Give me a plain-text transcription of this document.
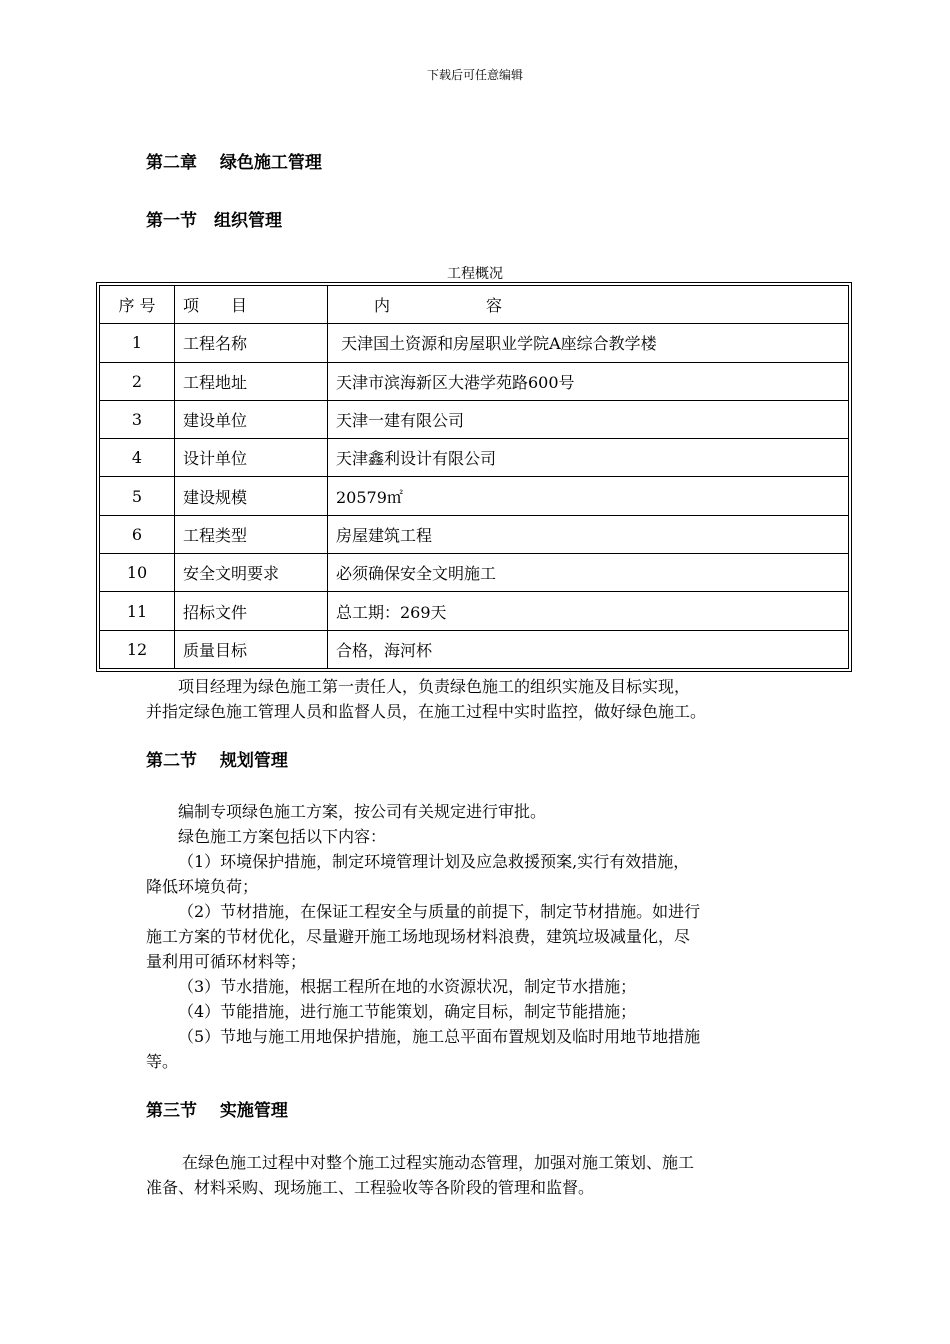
下载后可任意编辑
第二章　 绿色施工管理
第一节　组织管理
工程概况
序 号	项　　目	内　　　　　　容
1	工程名称	天津国土资源和房屋职业学院A座综合教学楼
2	工程地址	天津市滨海新区大港学苑路600号
3	建设单位	天津一建有限公司
4	设计单位	天津鑫利设计有限公司
5	建设规模	20579㎡
6	工程类型	房屋建筑工程
10	安全文明要求	必须确保安全文明施工
11	招标文件	总工期：269天
12	质量目标	合格，海河杯
项目经理为绿色施工第一责任人，负责绿色施工的组织实施及目标实现，
并指定绿色施工管理人员和监督人员，在施工过程中实时监控，做好绿色施工。
第二节　 规划管理
编制专项绿色施工方案，按公司有关规定进行审批。
绿色施工方案包括以下内容：
（1）环境保护措施，制定环境管理计划及应急救援预案,实行有效措施，
降低环境负荷；
（2）节材措施，在保证工程安全与质量的前提下，制定节材措施。如进行
施工方案的节材优化，尽量避开施工场地现场材料浪费，建筑垃圾减量化，尽
量利用可循环材料等；
（3）节水措施，根据工程所在地的水资源状况，制定节水措施；
（4）节能措施，进行施工节能策划，确定目标，制定节能措施；
（5）节地与施工用地保护措施，施工总平面布置规划及临时用地节地措施
等。
第三节　 实施管理
在绿色施工过程中对整个施工过程实施动态管理，加强对施工策划、施工
准备、材料采购、现场施工、工程验收等各阶段的管理和监督。
